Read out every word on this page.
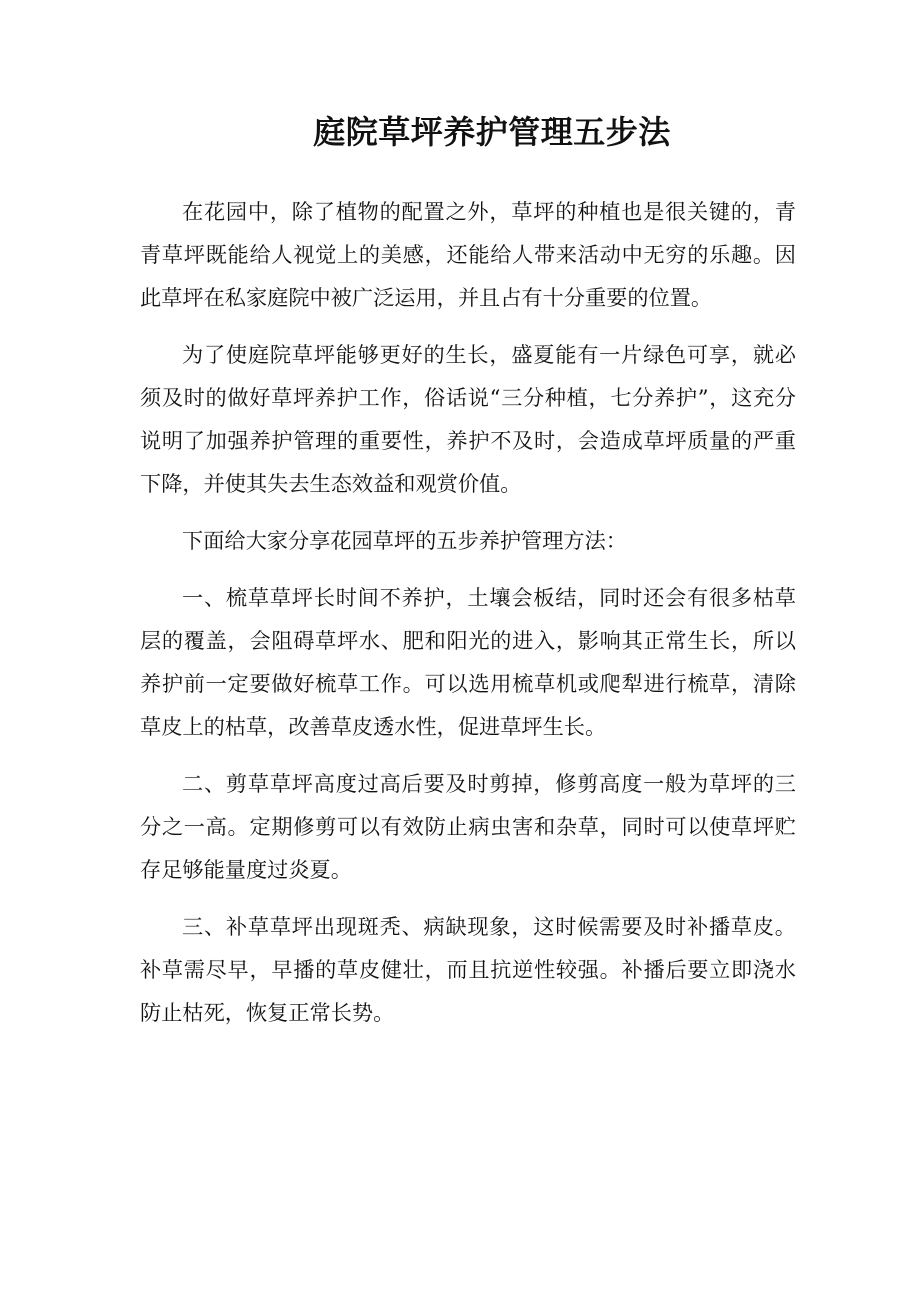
庭院草坪养护管理五步法

在花园中，除了植物的配置之外，草坪的种植也是很关键的，青青草坪既能给人视觉上的美感，还能给人带来活动中无穷的乐趣。因此草坪在私家庭院中被广泛运用，并且占有十分重要的位置。

为了使庭院草坪能够更好的生长，盛夏能有一片绿色可享，就必须及时的做好草坪养护工作，俗话说“三分种植，七分养护”，这充分说明了加强养护管理的重要性，养护不及时，会造成草坪质量的严重下降，并使其失去生态效益和观赏价值。

下面给大家分享花园草坪的五步养护管理方法：

一、梳草草坪长时间不养护，土壤会板结，同时还会有很多枯草层的覆盖，会阻碍草坪水、肥和阳光的进入，影响其正常生长，所以养护前一定要做好梳草工作。可以选用梳草机或爬犁进行梳草，清除草皮上的枯草，改善草皮透水性，促进草坪生长。

二、剪草草坪高度过高后要及时剪掉，修剪高度一般为草坪的三分之一高。定期修剪可以有效防止病虫害和杂草，同时可以使草坪贮存足够能量度过炎夏。

三、补草草坪出现斑秃、病缺现象，这时候需要及时补播草皮。补草需尽早，早播的草皮健壮，而且抗逆性较强。补播后要立即浇水防止枯死，恢复正常长势。
